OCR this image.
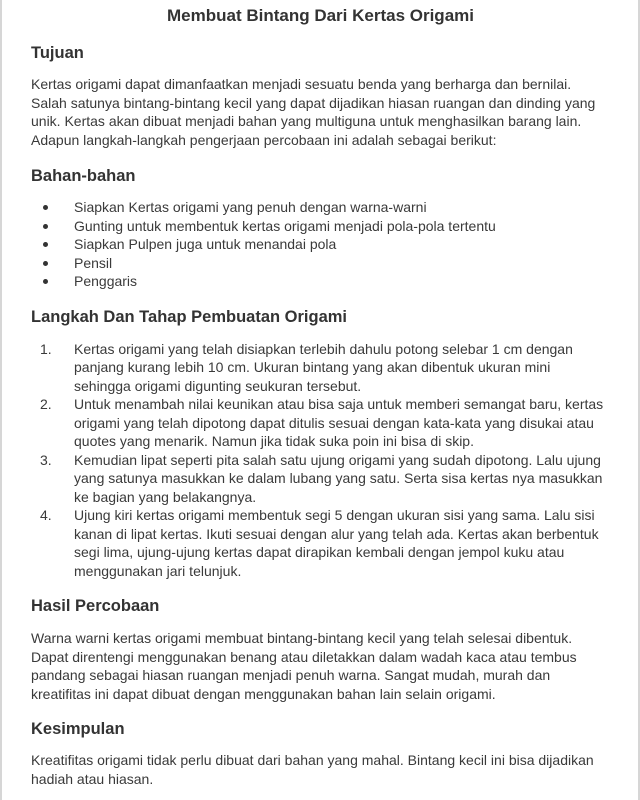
Membuat Bintang Dari Kertas Origami
Tujuan

Kertas origami dapat dimanfaatkan menjadi sesuatu benda yang berharga dan bernilai. Salah satunya bintang-bintang kecil yang dapat dijadikan hiasan ruangan dan dinding yang unik. Kertas akan dibuat menjadi bahan yang multiguna untuk menghasilkan barang lain. Adapun langkah-langkah pengerjaan percobaan ini adalah sebagai berikut:

Bahan-bahan
Siapkan Kertas origami yang penuh dengan warna-warni
Gunting untuk membentuk kertas origami menjadi pola-pola tertentu
Siapkan Pulpen juga untuk menandai pola
Pensil
Penggaris
Langkah Dan Tahap Pembuatan Origami
1. Kertas origami yang telah disiapkan terlebih dahulu potong selebar 1 cm dengan panjang kurang lebih 10 cm. Ukuran bintang yang akan dibentuk ukuran mini sehingga origami digunting seukuran tersebut.
2. Untuk menambah nilai keunikan atau bisa saja untuk memberi semangat baru, kertas origami yang telah dipotong dapat ditulis sesuai dengan kata-kata yang disukai atau quotes yang menarik. Namun jika tidak suka poin ini bisa di skip.
3. Kemudian lipat seperti pita salah satu ujung origami yang sudah dipotong. Lalu ujung yang satunya masukkan ke dalam lubang yang satu. Serta sisa kertas nya masukkan ke bagian yang belakangnya.
4. Ujung kiri kertas origami membentuk segi 5 dengan ukuran sisi yang sama. Lalu sisi kanan di lipat kertas. Ikuti sesuai dengan alur yang telah ada. Kertas akan berbentuk segi lima, ujung-ujung kertas dapat dirapikan kembali dengan jempol kuku atau menggunakan jari telunjuk.
Hasil Percobaan

Warna warni kertas origami membuat bintang-bintang kecil yang telah selesai dibentuk. Dapat direntengi menggunakan benang atau diletakkan dalam wadah kaca atau tembus pandang sebagai hiasan ruangan menjadi penuh warna. Sangat mudah, murah dan kreatifitas ini dapat dibuat dengan menggunakan bahan lain selain origami.

Kesimpulan

Kreatifitas origami tidak perlu dibuat dari bahan yang mahal. Bintang kecil ini bisa dijadikan hadiah atau hiasan.
